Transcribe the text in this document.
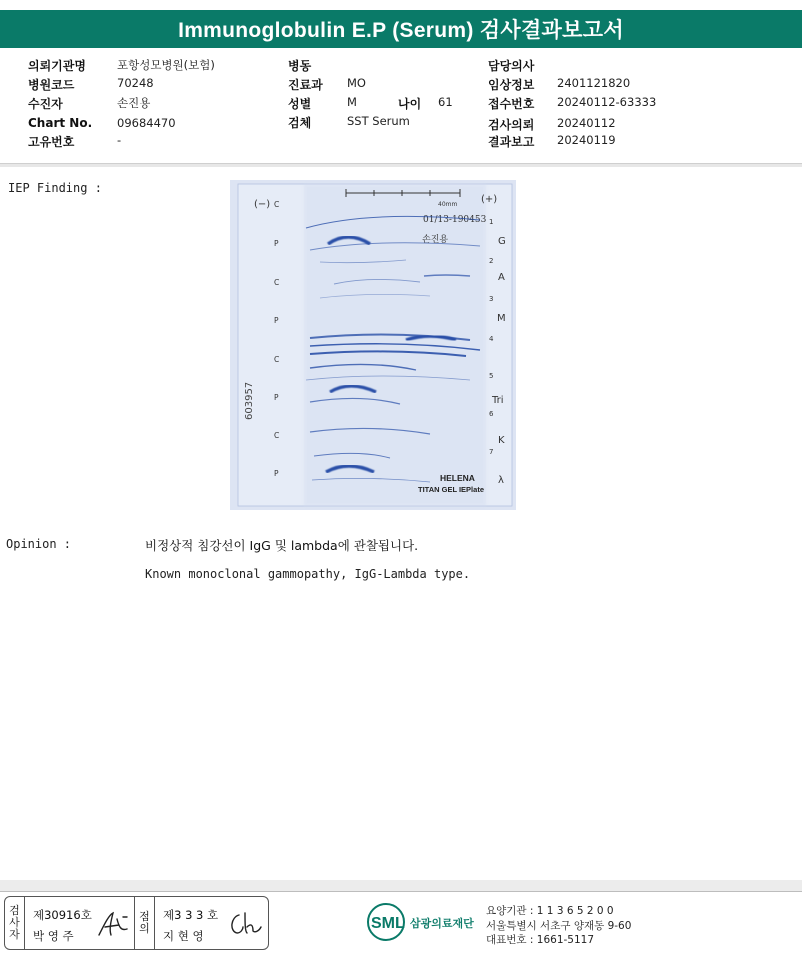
Immunoglobulin E.P (Serum) 검사결과보고서
의뢰기관명	포항성모병원(보험)
병원코드	70248
수진자	손진용
Chart No. 09684470
고유번호	-
병동
진료과 MO
성별	M	나이 61
검체	SST Serum
담당의사
임상정보 2401121820
접수번호 20240112-63333
검사의뢰 20240112
결과보고 20240119
IEP Finding :
40mm
(−)	(+)
01/13-190453
손진용
603957
HELENA
TITAN GEL IEPlate
C
P
C
P
C
P
C
P
1
2
3
4
5
6
7
G
A
M
Tri
K
λ
Opinion :	비정상적 침강선이 IgG 및 lambda에 관찰됩니다.
Known monoclonal gammopathy, IgG-Lambda type.
검
사
자
제30916호
박 영 주
점
의
제3 3 3 호
지 현 영
SML 삼광의료재단
요양기관 : 1 1 3 6 5 2 0 0
서울특별시 서초구 양재동 9-60
대표번호 : 1661-5117
